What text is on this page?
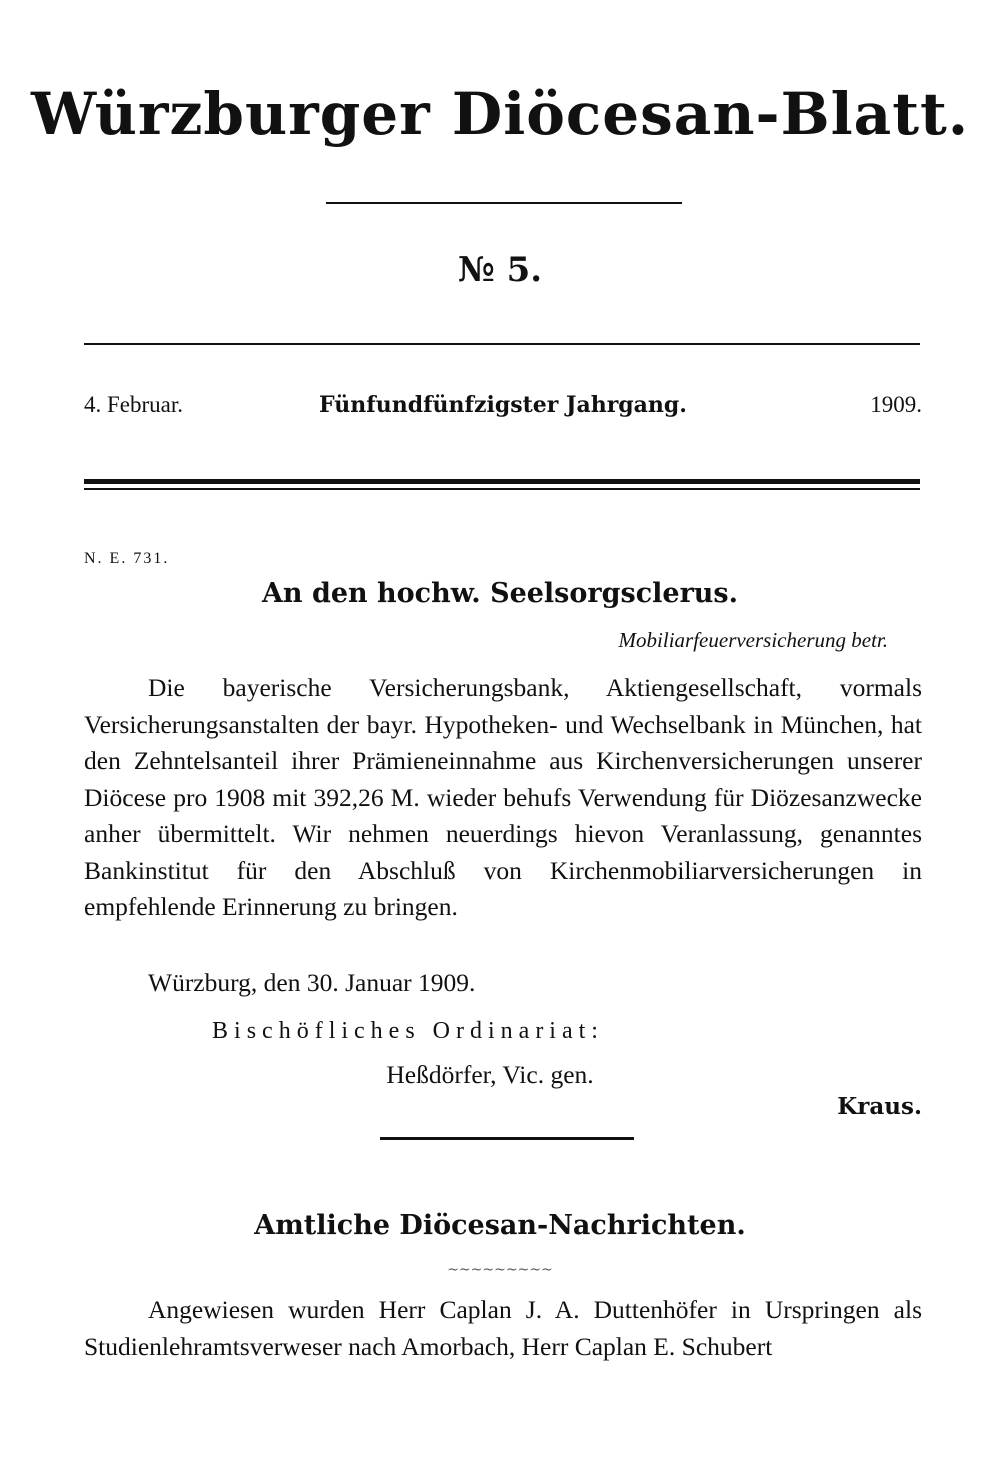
Würzburger Diöcesan-Blatt.
№ 5.
4. Februar.	Fünfundfünfzigster Jahrgang.	1909.
N. E. 731.
An den hochw. Seelsorgsclerus.
Mobiliarfeuerversicherung betr.

Die bayerische Versicherungsbank, Aktiengesellschaft, vormals Versicherungsanstalten der bayr. Hypotheken- und Wechselbank in München, hat den Zehntelsanteil ihrer Prämieneinnahme aus Kirchenversicherungen unserer Diöcese pro 1908 mit 392,26 M. wieder behufs Verwendung für Diözesanzwecke anher übermittelt. Wir nehmen neuerdings hievon Veranlassung, genanntes Bankinstitut für den Abschluß von Kirchenmobiliarversicherungen in empfehlende Erinnerung zu bringen.

Würzburg, den 30. Januar 1909.
Bischöfliches Ordinariat:
Heßdörfer, Vic. gen.
Kraus.
Amtliche Diöcesan-Nachrichten.
~~~~~~~~~

Angewiesen wurden Herr Caplan J. A. Duttenhöfer in Urspringen als Studienlehramtsverweser nach Amorbach, Herr Caplan E. Schubert
